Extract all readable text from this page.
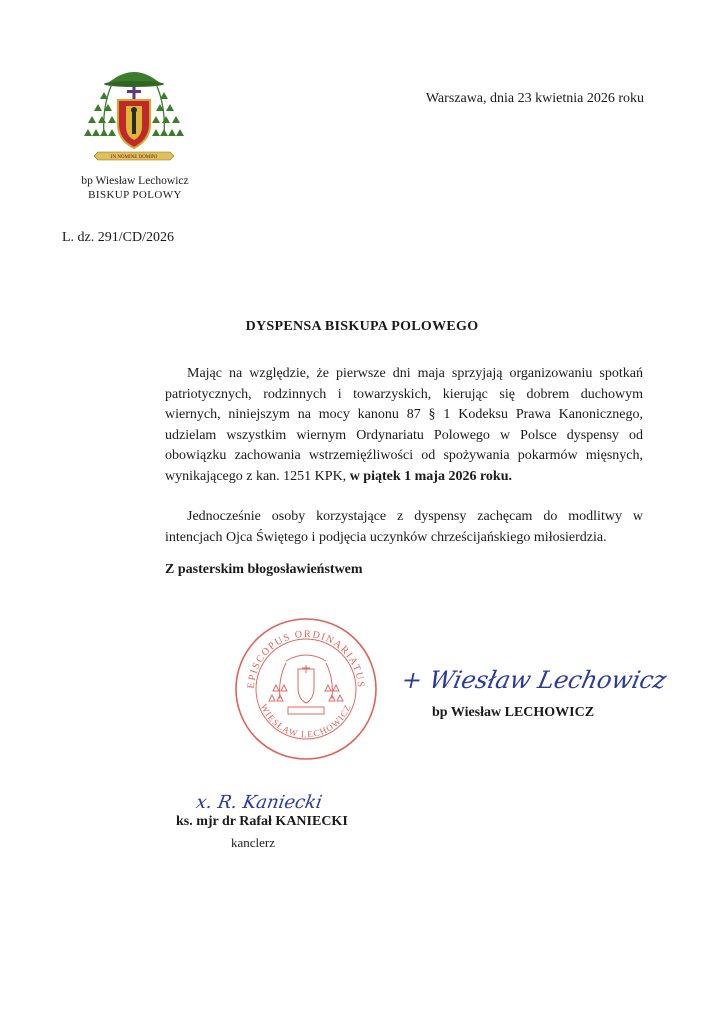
IN NOMINE DOMINI
bp Wiesław Lechowicz
BISKUP POLOWY
Warszawa, dnia 23 kwietnia 2026 roku
L. dz. 291/CD/2026
DYSPENSA BISKUPA POLOWEGO

Mając na względzie, że pierwsze dni maja sprzyjają organizowaniu spotkań patriotycznych, rodzinnych i towarzyskich, kierując się dobrem duchowym wiernych, niniejszym na mocy kanonu 87 § 1 Kodeksu Prawa Kanonicznego, udzielam wszystkim wiernym Ordynariatu Polowego w Polsce dyspensy od obowiązku zachowania wstrzemięźliwości od spożywania pokarmów mięsnych, wynikającego z kan. 1251 KPK, w piątek 1 maja 2026 roku.

Jednocześnie osoby korzystające z dyspensy zachęcam do modlitwy w intencjach Ojca Świętego i podjęcia uczynków chrześcijańskiego miłosierdzia.

Z pasterskim błogosławieństwem
EPISCOPUS ORDINARIATUS
WIESŁAW LECHOWICZ
+ Wiesław Lechowicz
bp Wiesław LECHOWICZ
x. R. Kaniecki
ks. mjr dr Rafał KANIECKI
kanclerz
